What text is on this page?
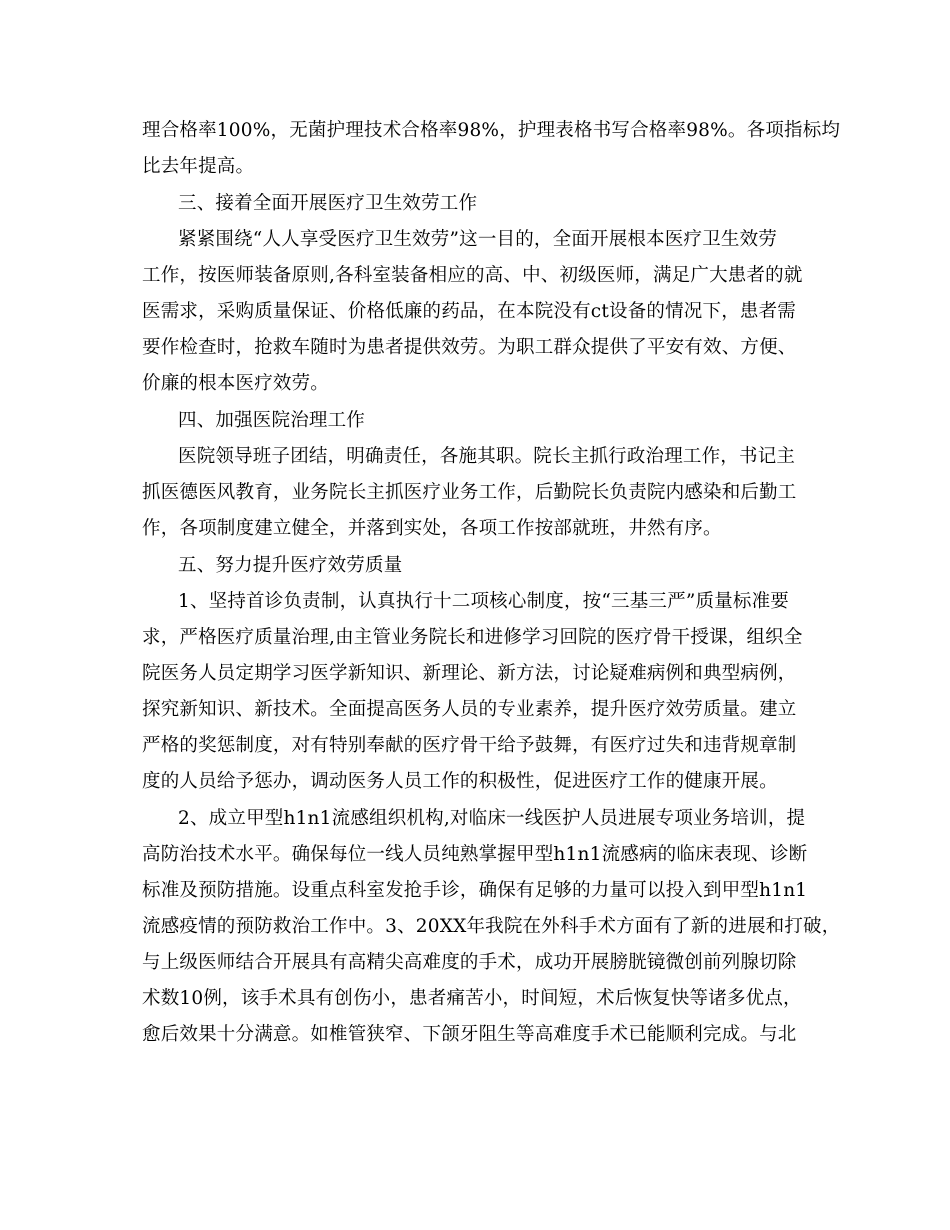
理合格率100%，无菌护理技术合格率98%，护理表格书写合格率98%。各项指标均
比去年提高。
三、接着全面开展医疗卫生效劳工作
紧紧围绕“人人享受医疗卫生效劳”这一目的，全面开展根本医疗卫生效劳
工作，按医师装备原则,各科室装备相应的高、中、初级医师，满足广大患者的就
医需求，采购质量保证、价格低廉的药品，在本院没有ct设备的情况下，患者需
要作检查时，抢救车随时为患者提供效劳。为职工群众提供了平安有效、方便、
价廉的根本医疗效劳。
四、加强医院治理工作
医院领导班子团结，明确责任，各施其职。院长主抓行政治理工作，书记主
抓医德医风教育，业务院长主抓医疗业务工作，后勤院长负责院内感染和后勤工
作，各项制度建立健全，并落到实处，各项工作按部就班，井然有序。
五、努力提升医疗效劳质量
1、坚持首诊负责制，认真执行十二项核心制度，按“三基三严”质量标准要
求，严格医疗质量治理,由主管业务院长和进修学习回院的医疗骨干授课，组织全
院医务人员定期学习医学新知识、新理论、新方法，讨论疑难病例和典型病例，
探究新知识、新技术。全面提高医务人员的专业素养，提升医疗效劳质量。建立
严格的奖惩制度，对有特别奉献的医疗骨干给予鼓舞，有医疗过失和违背规章制
度的人员给予惩办，调动医务人员工作的积极性，促进医疗工作的健康开展。
2、成立甲型h1n1流感组织机构,对临床一线医护人员进展专项业务培训，提
高防治技术水平。确保每位一线人员纯熟掌握甲型h1n1流感病的临床表现、诊断
标准及预防措施。设重点科室发抢手诊，确保有足够的力量可以投入到甲型h1n1
流感疫情的预防救治工作中。3、20XX年我院在外科手术方面有了新的进展和打破，
与上级医师结合开展具有高精尖高难度的手术，成功开展膀胱镜微创前列腺切除
术数10例，该手术具有创伤小，患者痛苦小，时间短，术后恢复快等诸多优点，
愈后效果十分满意。如椎管狭窄、下颌牙阻生等高难度手术已能顺利完成。与北
